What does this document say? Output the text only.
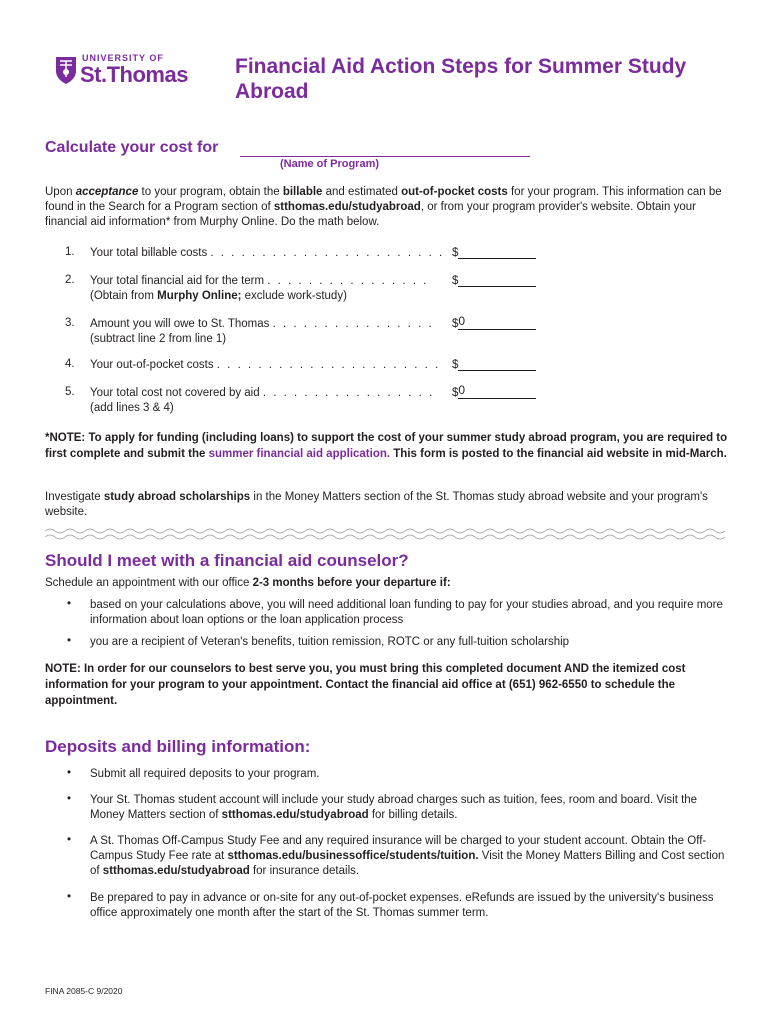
UNIVERSITY OF
St.Thomas Financial Aid Action Steps for Summer Study Abroad
Calculate your cost for
(Name of Program)
Upon acceptance to your program, obtain the billable and estimated out-of-pocket costs for your program. This information can be found in the Search for a Program section of stthomas.edu/studyabroad, or from your program provider's website. Obtain your financial aid information* from Murphy Online. Do the math below.
1. Your total billable costs . . . . . . . . . . . . . . . . . . . . . . . $
2. Your total financial aid for the term . . . . . . . . . . . . . . . .
(Obtain from Murphy Online; exclude work-study)
$
3. Amount you will owe to St. Thomas . . . . . . . . . . . . . . . .
(subtract line 2 from line 1)
$ 0
4. Your out-of-pocket costs . . . . . . . . . . . . . . . . . . . . . . $
5. Your total cost not covered by aid . . . . . . . . . . . . . . . . .
(add lines 3 & 4)
$ 0
*NOTE: To apply for funding (including loans) to support the cost of your summer study abroad program, you are required to first complete and submit the summer financial aid application. This form is posted to the financial aid website in mid-March.
Investigate study abroad scholarships in the Money Matters section of the St. Thomas study abroad website and your program's website.
Should I meet with a financial aid counselor?
Schedule an appointment with our office 2-3 months before your departure if:
• based on your calculations above, you will need additional loan funding to pay for your studies abroad, and you require more information about loan options or the loan application process
• you are a recipient of Veteran's benefits, tuition remission, ROTC or any full-tuition scholarship
NOTE: In order for our counselors to best serve you, you must bring this completed document AND the itemized cost information for your program to your appointment. Contact the financial aid office at (651) 962-6550 to schedule the appointment.
Deposits and billing information:
• Submit all required deposits to your program.
• Your St. Thomas student account will include your study abroad charges such as tuition, fees, room and board. Visit the Money Matters section of stthomas.edu/studyabroad for billing details.
• A St. Thomas Off-Campus Study Fee and any required insurance will be charged to your student account. Obtain the Off-Campus Study Fee rate at stthomas.edu/businessoffice/students/tuition. Visit the Money Matters Billing and Cost section of stthomas.edu/studyabroad for insurance details.
• Be prepared to pay in advance or on-site for any out-of-pocket expenses. eRefunds are issued by the university's business office approximately one month after the start of the St. Thomas summer term.
FINA 2085-C 9/2020
